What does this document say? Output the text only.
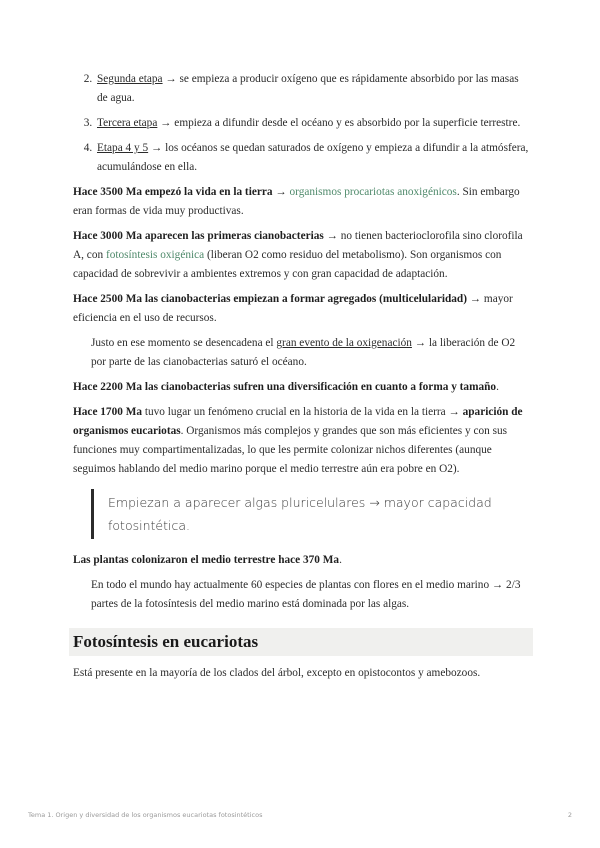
2. Segunda etapa → se empieza a producir oxígeno que es rápidamente absorbido por las masas de agua.
3. Tercera etapa → empieza a difundir desde el océano y es absorbido por la superficie terrestre.
4. Etapa 4 y 5 → los océanos se quedan saturados de oxígeno y empieza a difundir a la atmósfera, acumulándose en ella.

Hace 3500 Ma empezó la vida en la tierra → organismos procariotas anoxigénicos. Sin embargo eran formas de vida muy productivas.

Hace 3000 Ma aparecen las primeras cianobacterias → no tienen bacterioclorofila sino clorofila A, con fotosíntesis oxigénica (liberan O2 como residuo del metabolismo). Son organismos con capacidad de sobrevivir a ambientes extremos y con gran capacidad de adaptación.

Hace 2500 Ma las cianobacterias empiezan a formar agregados (multicelularidad) → mayor eficiencia en el uso de recursos.

Justo en ese momento se desencadena el gran evento de la oxigenación → la liberación de O2 por parte de las cianobacterias saturó el océano.

Hace 2200 Ma las cianobacterias sufren una diversificación en cuanto a forma y tamaño.

Hace 1700 Ma tuvo lugar un fenómeno crucial en la historia de la vida en la tierra → aparición de organismos eucariotas. Organismos más complejos y grandes que son más eficientes y con sus funciones muy compartimentalizadas, lo que les permite colonizar nichos diferentes (aunque seguimos hablando del medio marino porque el medio terrestre aún era pobre en O2).

Empiezan a aparecer algas pluricelulares → mayor capacidad fotosintética.

Las plantas colonizaron el medio terrestre hace 370 Ma.

En todo el mundo hay actualmente 60 especies de plantas con flores en el medio marino → 2/3 partes de la fotosíntesis del medio marino está dominada por las algas.

Fotosíntesis en eucariotas

Está presente en la mayoría de los clados del árbol, excepto en opistocontos y amebozoos.

Tema 1. Origen y diversidad de los organismos eucariotas fotosintéticos	2
